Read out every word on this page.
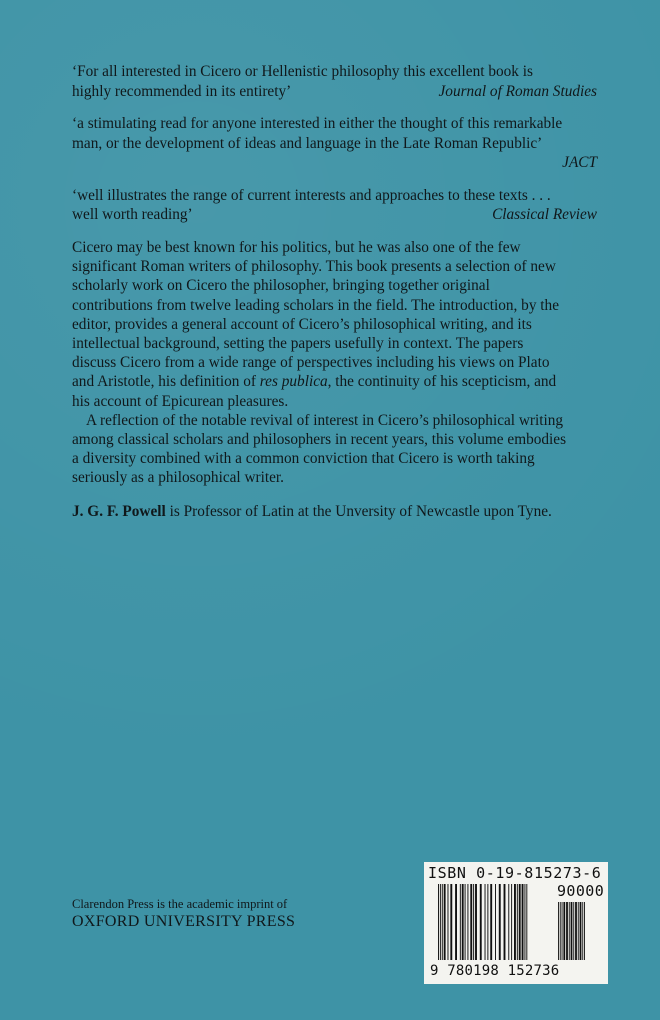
‘For all interested in Cicero or Hellenistic philosophy this excellent book is

highly recommended in its entirety’	Journal of Roman Studies

‘a stimulating read for anyone interested in either the thought of this remarkable

man, or the development of ideas and language in the Late Roman Republic’

JACT

‘well illustrates the range of current interests and approaches to these texts . . .

well worth reading’	Classical Review

Cicero may be best known for his politics, but he was also one of the few

significant Roman writers of philosophy. This book presents a selection of new

scholarly work on Cicero the philosopher, bringing together original

contributions from twelve leading scholars in the field. The introduction, by the

editor, provides a general account of Cicero’s philosophical writing, and its

intellectual background, setting the papers usefully in context. The papers

discuss Cicero from a wide range of perspectives including his views on Plato

and Aristotle, his definition of res publica, the continuity of his scepticism, and

his account of Epicurean pleasures.

A reflection of the notable revival of interest in Cicero’s philosophical writing

among classical scholars and philosophers in recent years, this volume embodies

a diversity combined with a common conviction that Cicero is worth taking

seriously as a philosophical writer.

J. G. F. Powell is Professor of Latin at the Unversity of Newcastle upon Tyne.

Clarendon Press is the academic imprint of
OXFORD UNIVERSITY PRESS
ISBN 0-19-815273-6
90000
9 780198 152736
